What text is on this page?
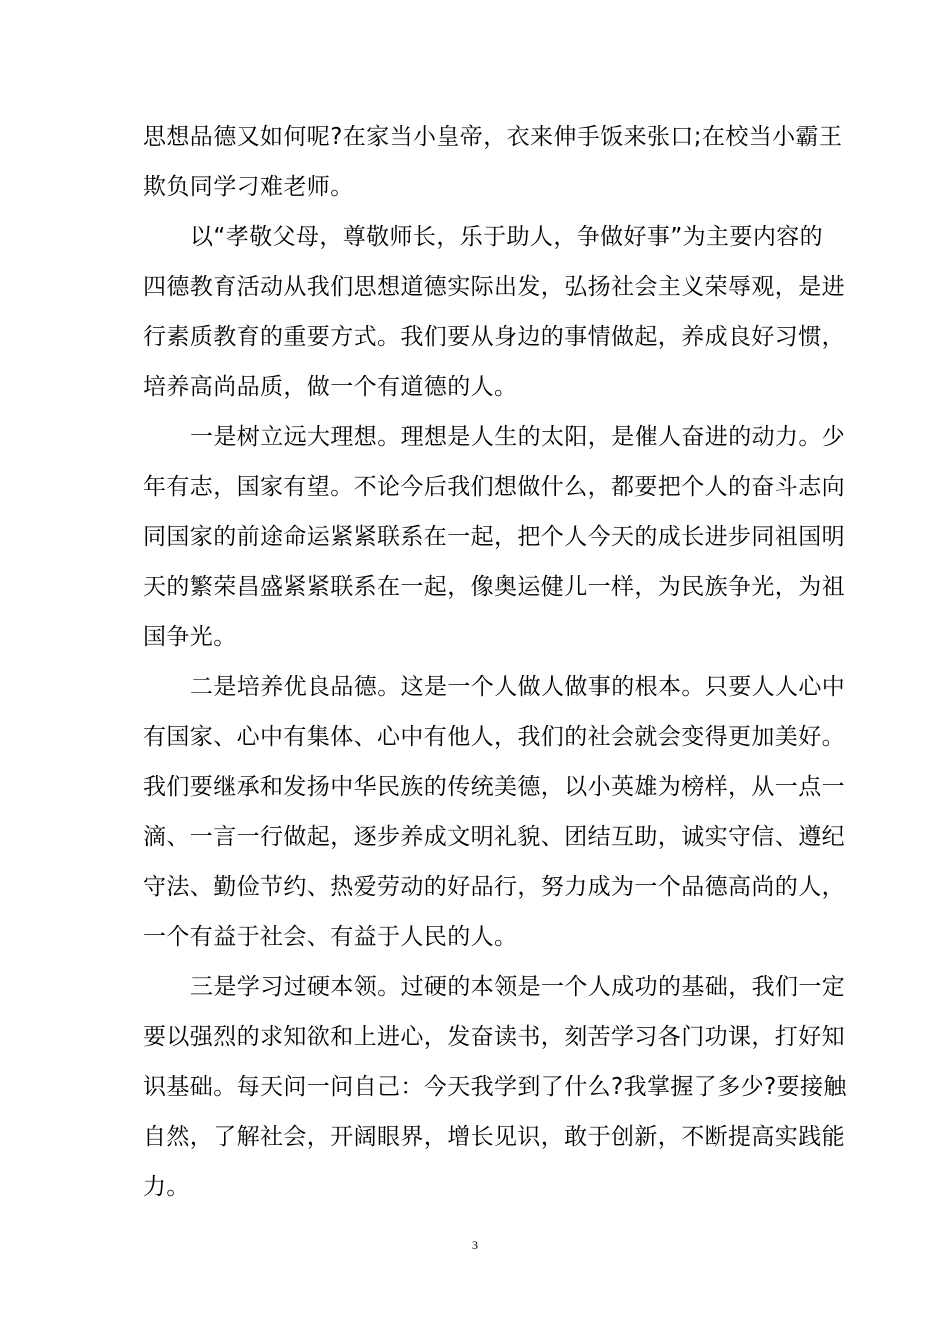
思想品德又如何呢?在家当小皇帝，衣来伸手饭来张口;在校当小霸王
欺负同学刁难老师。
以“孝敬父母，尊敬师长，乐于助人，争做好事”为主要内容的
四德教育活动从我们思想道德实际出发，弘扬社会主义荣辱观，是进
行素质教育的重要方式。我们要从身边的事情做起，养成良好习惯，
培养高尚品质，做一个有道德的人。
一是树立远大理想。理想是人生的太阳，是催人奋进的动力。少
年有志，国家有望。不论今后我们想做什么，都要把个人的奋斗志向
同国家的前途命运紧紧联系在一起，把个人今天的成长进步同祖国明
天的繁荣昌盛紧紧联系在一起，像奥运健儿一样，为民族争光，为祖
国争光。
二是培养优良品德。这是一个人做人做事的根本。只要人人心中
有国家、心中有集体、心中有他人，我们的社会就会变得更加美好。
我们要继承和发扬中华民族的传统美德，以小英雄为榜样，从一点一
滴、一言一行做起，逐步养成文明礼貌、团结互助，诚实守信、遵纪
守法、勤俭节约、热爱劳动的好品行，努力成为一个品德高尚的人，
一个有益于社会、有益于人民的人。
三是学习过硬本领。过硬的本领是一个人成功的基础，我们一定
要以强烈的求知欲和上进心，发奋读书，刻苦学习各门功课，打好知
识基础。每天问一问自己：今天我学到了什么?我掌握了多少?要接触
自然，了解社会，开阔眼界，增长见识，敢于创新，不断提高实践能
力。
3
